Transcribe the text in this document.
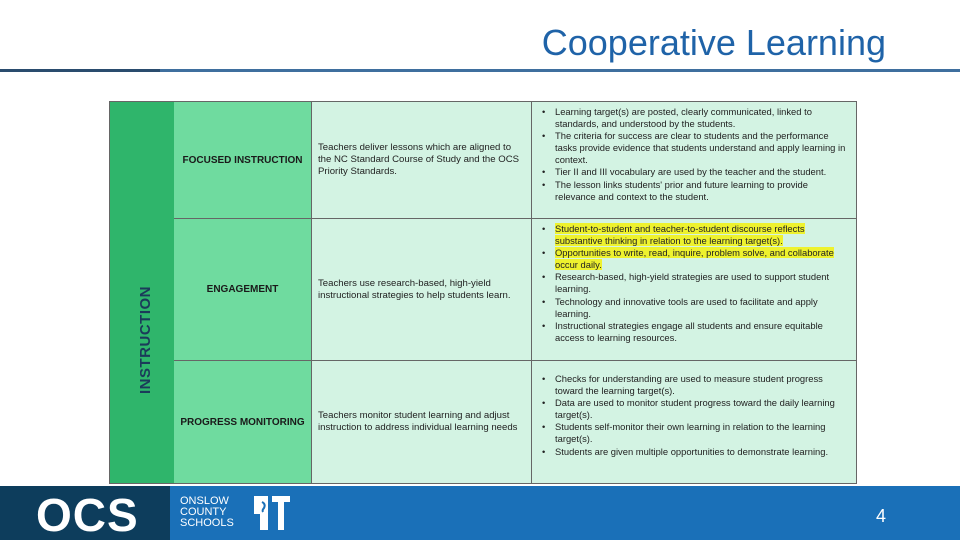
Cooperative Learning
INSTRUCTION
FOCUSED INSTRUCTION
Teachers deliver lessons which are aligned to the NC Standard Course of Study and the OCS Priority Standards.
• Learning target(s) are posted, clearly communicated, linked to standards, and understood by the students.
• The criteria for success are clear to students and the performance tasks provide evidence that students understand and apply learning in context.
• Tier II and III vocabulary are used by the teacher and the student.
• The lesson links students' prior and future learning to provide relevance and context to the student.
ENGAGEMENT
Teachers use research-based, high-yield instructional strategies to help students learn.
• Student-to-student and teacher-to-student discourse reflects substantive thinking in relation to the learning target(s).
• Opportunities to write, read, inquire, problem solve, and collaborate occur daily.
• Research-based, high-yield strategies are used to support student learning.
• Technology and innovative tools are used to facilitate and apply learning.
• Instructional strategies engage all students and ensure equitable access to learning resources.
PROGRESS MONITORING
Teachers monitor student learning and adjust instruction to address individual learning needs
• Checks for understanding are used to measure student progress toward the learning target(s).
• Data are used to monitor student progress toward the daily learning target(s).
• Students self-monitor their own learning in relation to the learning target(s).
• Students are given multiple opportunities to demonstrate learning.
OCS	ONSLOW
COUNTY
SCHOOLS	4
